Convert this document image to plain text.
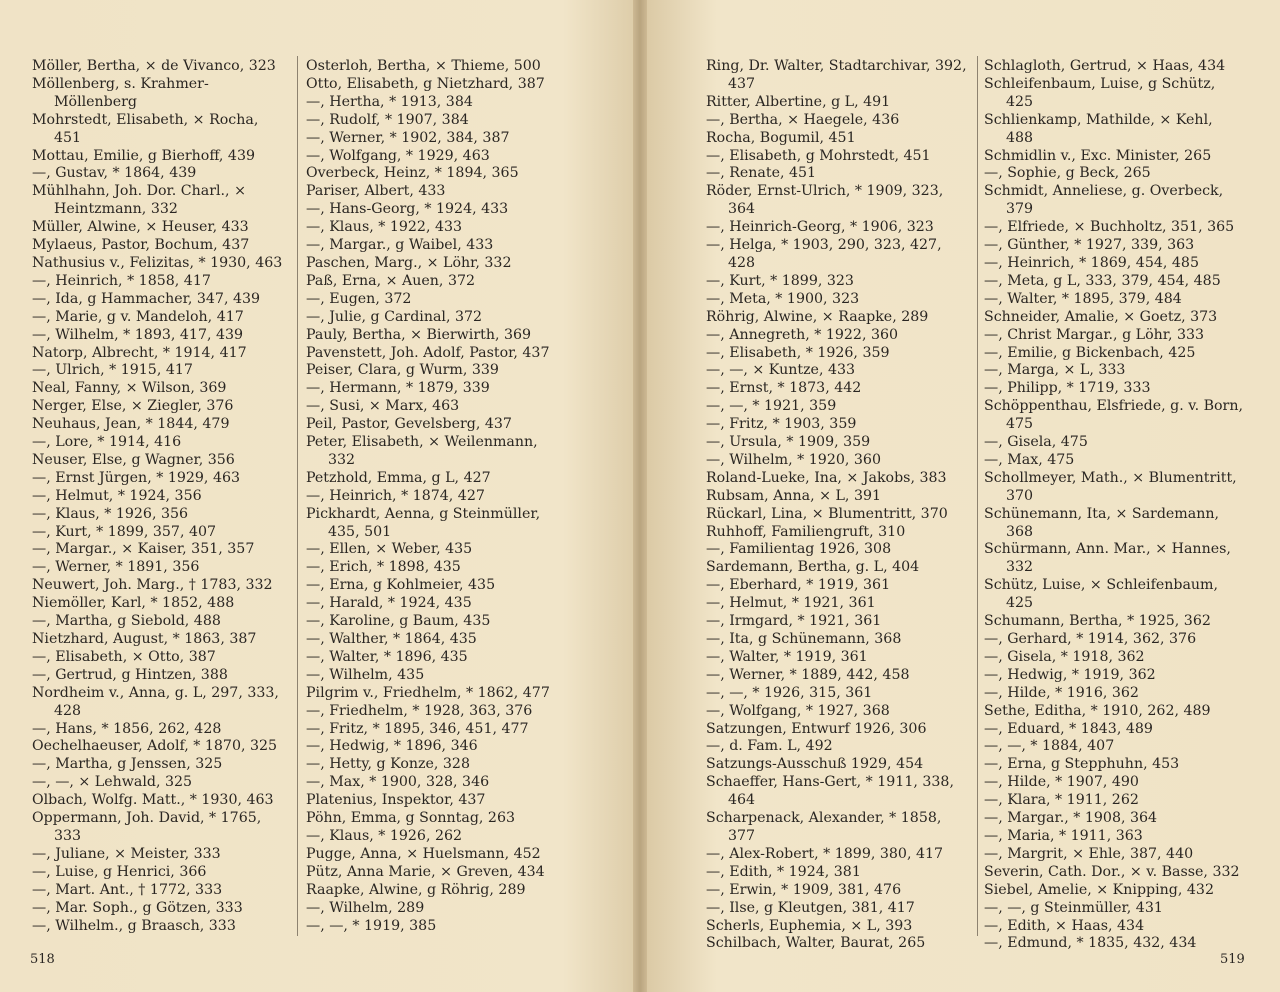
Möller, Bertha, × de Vivanco, 323
Möllenberg, s. Krahmer-Möllenberg
Mohrstedt, Elisabeth, × Rocha, 451
Mottau, Emilie, g Bierhoff, 439
—, Gustav, * 1864, 439
Mühlhahn, Joh. Dor. Charl., × Heintzmann, 332
Müller, Alwine, × Heuser, 433
Mylaeus, Pastor, Bochum, 437
Nathusius v., Felizitas, * 1930, 463
—, Heinrich, * 1858, 417
—, Ida, g Hammacher, 347, 439
—, Marie, g v. Mandeloh, 417
—, Wilhelm, * 1893, 417, 439
Natorp, Albrecht, * 1914, 417
—, Ulrich, * 1915, 417
Neal, Fanny, × Wilson, 369
Nerger, Else, × Ziegler, 376
Neuhaus, Jean, * 1844, 479
—, Lore, * 1914, 416
Neuser, Else, g Wagner, 356
—, Ernst Jürgen, * 1929, 463
—, Helmut, * 1924, 356
—, Klaus, * 1926, 356
—, Kurt, * 1899, 357, 407
—, Margar., × Kaiser, 351, 357
—, Werner, * 1891, 356
Neuwert, Joh. Marg., † 1783, 332
Niemöller, Karl, * 1852, 488
—, Martha, g Siebold, 488
Nietzhard, August, * 1863, 387
—, Elisabeth, × Otto, 387
—, Gertrud, g Hintzen, 388
Nordheim v., Anna, g. L, 297, 333, 428
—, Hans, * 1856, 262, 428
Oechelhaeuser, Adolf, * 1870, 325
—, Martha, g Jenssen, 325
—, —, × Lehwald, 325
Olbach, Wolfg. Matt., * 1930, 463
Oppermann, Joh. David, * 1765, 333
—, Juliane, × Meister, 333
—, Luise, g Henrici, 366
—, Mart. Ant., † 1772, 333
—, Mar. Soph., g Götzen, 333
—, Wilhelm., g Braasch, 333
Osterloh, Bertha, × Thieme, 500
Otto, Elisabeth, g Nietzhard, 387
—, Hertha, * 1913, 384
—, Rudolf, * 1907, 384
—, Werner, * 1902, 384, 387
—, Wolfgang, * 1929, 463
Overbeck, Heinz, * 1894, 365
Pariser, Albert, 433
—, Hans-Georg, * 1924, 433
—, Klaus, * 1922, 433
—, Margar., g Waibel, 433
Paschen, Marg., × Löhr, 332
Paß, Erna, × Auen, 372
—, Eugen, 372
—, Julie, g Cardinal, 372
Pauly, Bertha, × Bierwirth, 369
Pavenstett, Joh. Adolf, Pastor, 437
Peiser, Clara, g Wurm, 339
—, Hermann, * 1879, 339
—, Susi, × Marx, 463
Peil, Pastor, Gevelsberg, 437
Peter, Elisabeth, × Weilenmann, 332
Petzhold, Emma, g L, 427
—, Heinrich, * 1874, 427
Pickhardt, Aenna, g Steinmüller, 435, 501
—, Ellen, × Weber, 435
—, Erich, * 1898, 435
—, Erna, g Kohlmeier, 435
—, Harald, * 1924, 435
—, Karoline, g Baum, 435
—, Walther, * 1864, 435
—, Walter, * 1896, 435
—, Wilhelm, 435
Pilgrim v., Friedhelm, * 1862, 477
—, Friedhelm, * 1928, 363, 376
—, Fritz, * 1895, 346, 451, 477
—, Hedwig, * 1896, 346
—, Hetty, g Konze, 328
—, Max, * 1900, 328, 346
Platenius, Inspektor, 437
Pöhn, Emma, g Sonntag, 263
—, Klaus, * 1926, 262
Pugge, Anna, × Huelsmann, 452
Pütz, Anna Marie, × Greven, 434
Raapke, Alwine, g Röhrig, 289
—, Wilhelm, 289
—, —, * 1919, 385
518
Ring, Dr. Walter, Stadtarchivar, 392, 437
Ritter, Albertine, g L, 491
—, Bertha, × Haegele, 436
Rocha, Bogumil, 451
—, Elisabeth, g Mohrstedt, 451
—, Renate, 451
Röder, Ernst-Ulrich, * 1909, 323, 364
—, Heinrich-Georg, * 1906, 323
—, Helga, * 1903, 290, 323, 427, 428
—, Kurt, * 1899, 323
—, Meta, * 1900, 323
Röhrig, Alwine, × Raapke, 289
—, Annegreth, * 1922, 360
—, Elisabeth, * 1926, 359
—, —, × Kuntze, 433
—, Ernst, * 1873, 442
—, —, * 1921, 359
—, Fritz, * 1903, 359
—, Ursula, * 1909, 359
—, Wilhelm, * 1920, 360
Roland-Lueke, Ina, × Jakobs, 383
Rubsam, Anna, × L, 391
Rückarl, Lina, × Blumentritt, 370
Ruhhoff, Familiengruft, 310
—, Familientag 1926, 308
Sardemann, Bertha, g. L, 404
—, Eberhard, * 1919, 361
—, Helmut, * 1921, 361
—, Irmgard, * 1921, 361
—, Ita, g Schünemann, 368
—, Walter, * 1919, 361
—, Werner, * 1889, 442, 458
—, —, * 1926, 315, 361
—, Wolfgang, * 1927, 368
Satzungen, Entwurf 1926, 306
—, d. Fam. L, 492
Satzungs-Ausschuß 1929, 454
Schaeffer, Hans-Gert, * 1911, 338, 464
Scharpenack, Alexander, * 1858, 377
—, Alex-Robert, * 1899, 380, 417
—, Edith, * 1924, 381
—, Erwin, * 1909, 381, 476
—, Ilse, g Kleutgen, 381, 417
Scherls, Euphemia, × L, 393
Schilbach, Walter, Baurat, 265
Schlagloth, Gertrud, × Haas, 434
Schleifenbaum, Luise, g Schütz, 425
Schlienkamp, Mathilde, × Kehl, 488
Schmidlin v., Exc. Minister, 265
—, Sophie, g Beck, 265
Schmidt, Anneliese, g. Overbeck, 379
—, Elfriede, × Buchholtz, 351, 365
—, Günther, * 1927, 339, 363
—, Heinrich, * 1869, 454, 485
—, Meta, g L, 333, 379, 454, 485
—, Walter, * 1895, 379, 484
Schneider, Amalie, × Goetz, 373
—, Christ Margar., g Löhr, 333
—, Emilie, g Bickenbach, 425
—, Marga, × L, 333
—, Philipp, * 1719, 333
Schöppenthau, Elsfriede, g. v. Born, 475
—, Gisela, 475
—, Max, 475
Schollmeyer, Math., × Blumentritt, 370
Schünemann, Ita, × Sardemann, 368
Schürmann, Ann. Mar., × Hannes, 332
Schütz, Luise, × Schleifenbaum, 425
Schumann, Bertha, * 1925, 362
—, Gerhard, * 1914, 362, 376
—, Gisela, * 1918, 362
—, Hedwig, * 1919, 362
—, Hilde, * 1916, 362
Sethe, Editha, * 1910, 262, 489
—, Eduard, * 1843, 489
—, —, * 1884, 407
—, Erna, g Stepphuhn, 453
—, Hilde, * 1907, 490
—, Klara, * 1911, 262
—, Margar., * 1908, 364
—, Maria, * 1911, 363
—, Margrit, × Ehle, 387, 440
Severin, Cath. Dor., × v. Basse, 332
Siebel, Amelie, × Knipping, 432
—, —, g Steinmüller, 431
—, Edith, × Haas, 434
—, Edmund, * 1835, 432, 434
519
